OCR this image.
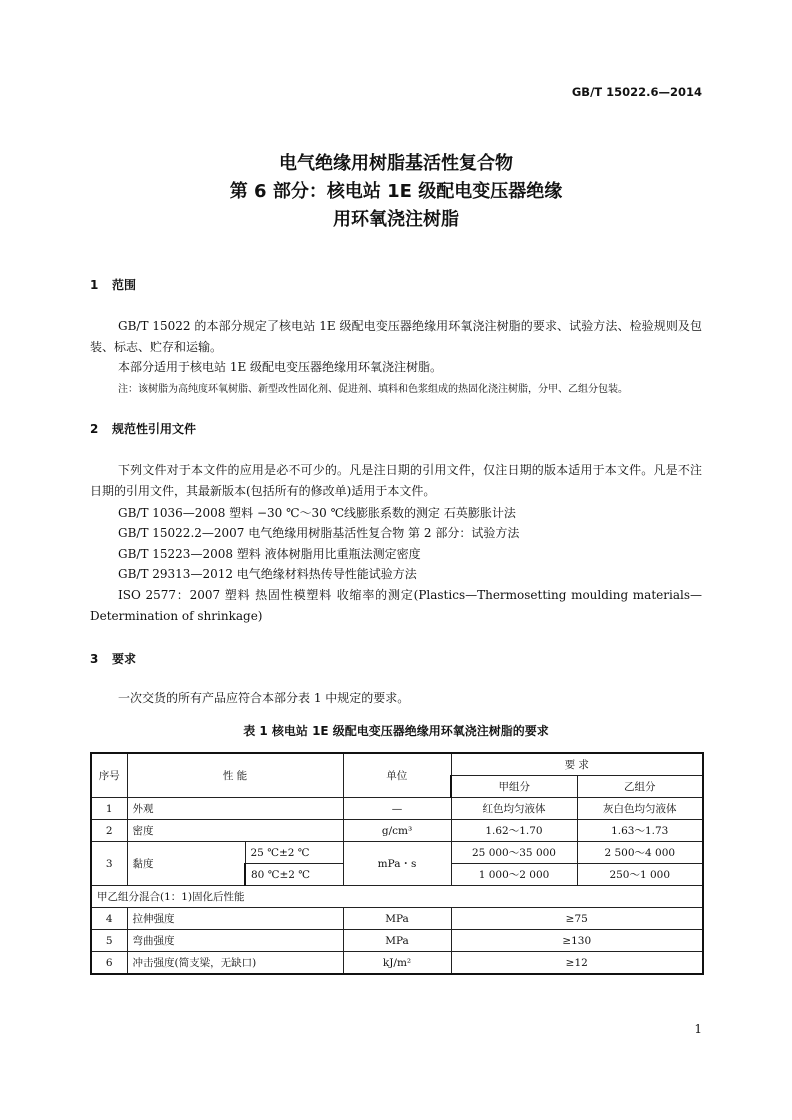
GB/T 15022.6—2014
电气绝缘用树脂基活性复合物
第 6 部分：核电站 1E 级配电变压器绝缘
用环氧浇注树脂
1 范围
GB/T 15022 的本部分规定了核电站 1E 级配电变压器绝缘用环氧浇注树脂的要求、试验方法、检验规则及包装、标志、贮存和运输。
本部分适用于核电站 1E 级配电变压器绝缘用环氧浇注树脂。
注：该树脂为高纯度环氧树脂、新型改性固化剂、促进剂、填料和色浆组成的热固化浇注树脂，分甲、乙组分包装。
2 规范性引用文件
下列文件对于本文件的应用是必不可少的。凡是注日期的引用文件，仅注日期的版本适用于本文件。凡是不注日期的引用文件，其最新版本(包括所有的修改单)适用于本文件。
GB/T 1036—2008 塑料 −30 ℃～30 ℃线膨胀系数的测定 石英膨胀计法
GB/T 15022.2—2007 电气绝缘用树脂基活性复合物 第 2 部分：试验方法
GB/T 15223—2008 塑料 液体树脂用比重瓶法测定密度
GB/T 29313—2012 电气绝缘材料热传导性能试验方法
ISO 2577：2007 塑料 热固性模塑料 收缩率的测定(Plastics—Thermosetting moulding materials—Determination of shrinkage)
3 要求
一次交货的所有产品应符合本部分表 1 中规定的要求。
表 1 核电站 1E 级配电变压器绝缘用环氧浇注树脂的要求
序号	性 能		单位	要 求	
				甲组分	乙组分
1	外观		—	红色均匀液体	灰白色均匀液体
2	密度		g/cm³	1.62～1.70	1.63～1.73
3	黏度	25 ℃±2 ℃	mPa・s	25 000～35 000	2 500～4 000
		80 ℃±2 ℃		1 000～2 000	250～1 000
甲乙组分混合(1：1)固化后性能					
4	拉伸强度		MPa	≥75	
5	弯曲强度		MPa	≥130	
6	冲击强度(简支梁，无缺口)		kJ/m²	≥12	
1
